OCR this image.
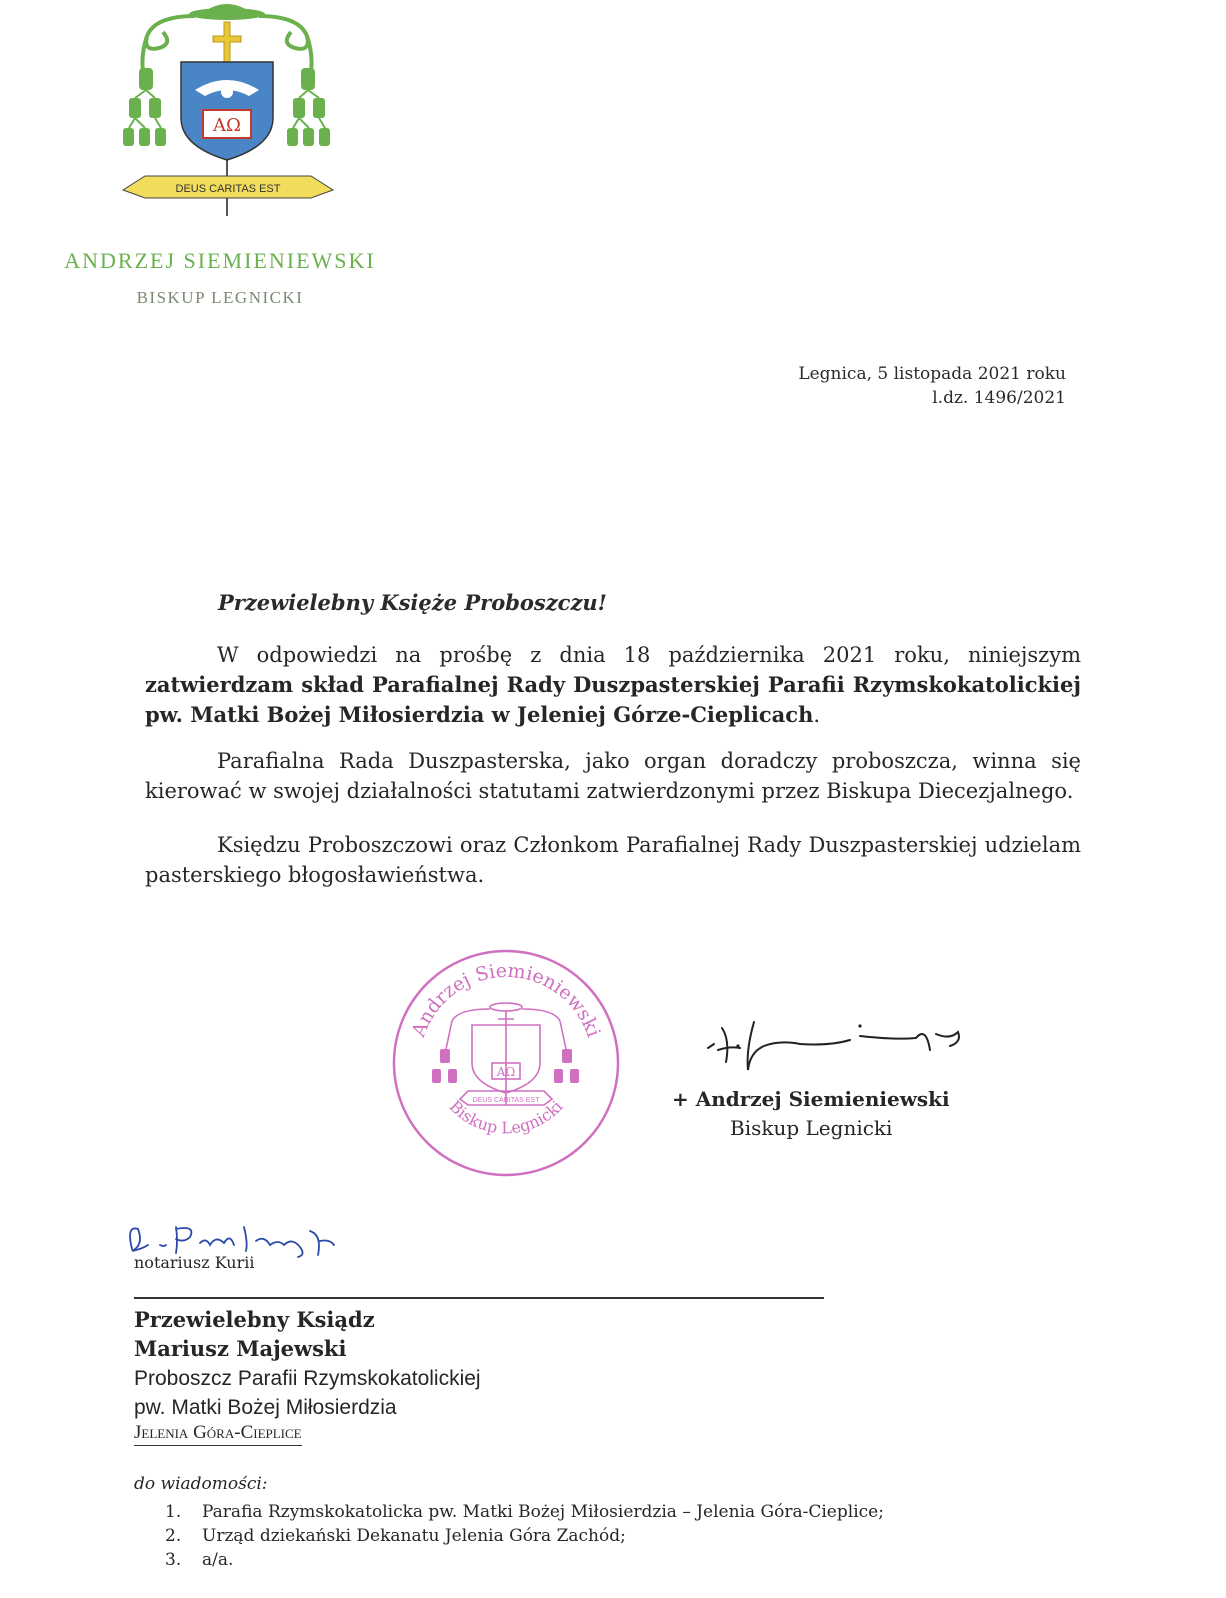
AΩ
DEUS CARITAS EST
ANDRZEJ SIEMIENIEWSKI
BISKUP LEGNICKI
Legnica, 5 listopada 2021 roku
l.dz. 1496/2021
Przewielebny Księże Proboszczu!
W odpowiedzi na prośbę z dnia 18 października 2021 roku, niniejszym zatwierdzam skład Parafialnej Rady Duszpasterskiej Parafii Rzymskokatolickiej pw. Matki Bożej Miłosierdzia w Jeleniej Górze-Cieplicach.
Parafialna Rada Duszpasterska, jako organ doradczy proboszcza, winna się kierować w swojej działalności statutami zatwierdzonymi przez Biskupa Diecezjalnego.
Księdzu Proboszczowi oraz Członkom Parafialnej Rady Duszpasterskiej udzielam pasterskiego błogosławieństwa.
Andrzej Siemieniewski
Biskup Legnicki
AΩ
DEUS CARITAS EST	+ Andrzej Siemieniewski
Biskup Legnicki
notariusz Kurii
Przewielebny Ksiądz
Mariusz Majewski
Proboszcz Parafii Rzymskokatolickiej
pw. Matki Bożej Miłosierdzia
Jelenia Góra-Cieplice
do wiadomości:
1.	Parafia Rzymskokatolicka pw. Matki Bożej Miłosierdzia – Jelenia Góra-Cieplice;
2.	Urząd dziekański Dekanatu Jelenia Góra Zachód;
3.	a/a.
